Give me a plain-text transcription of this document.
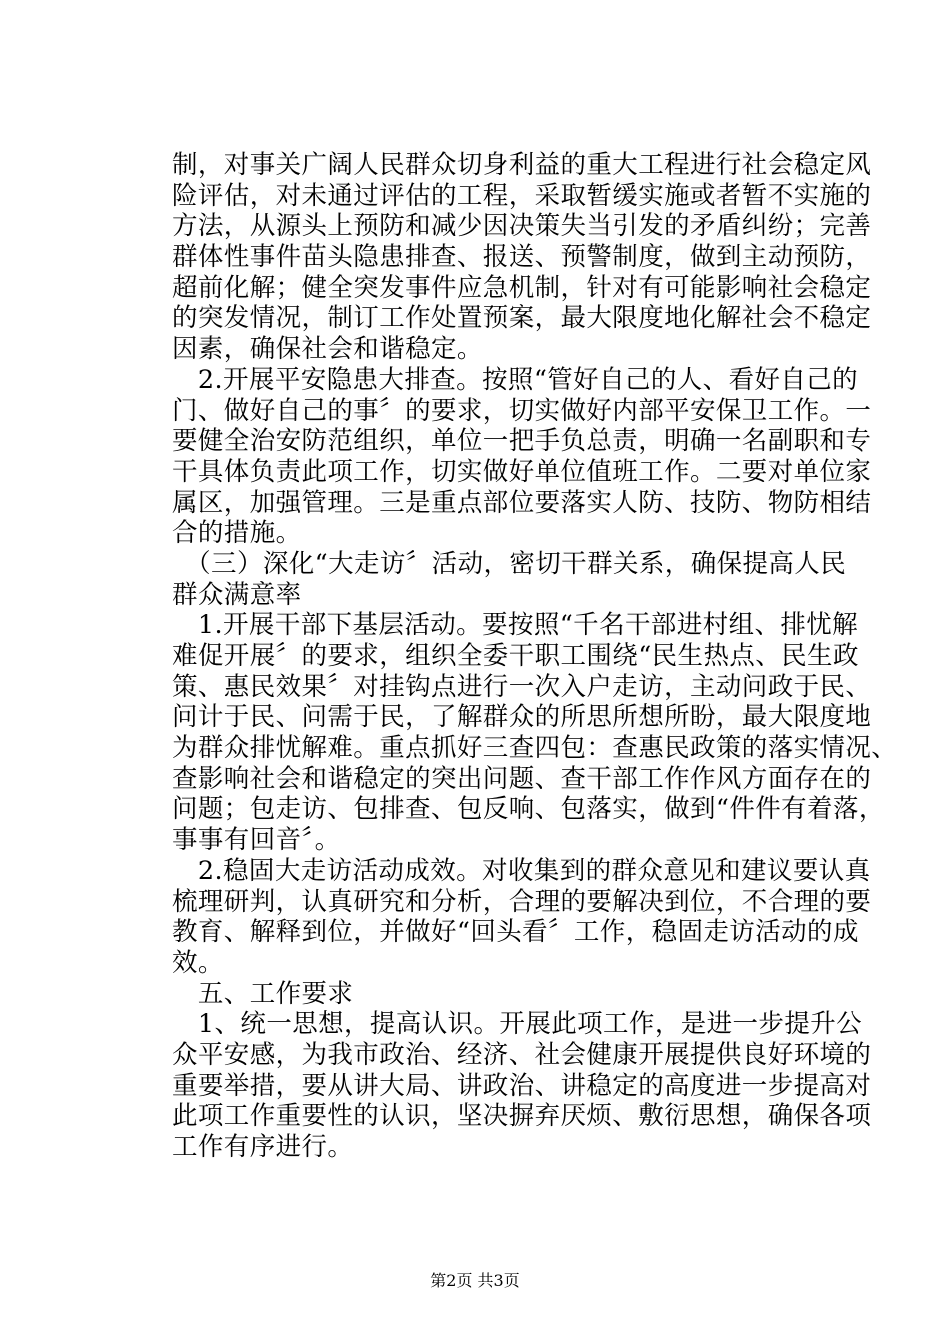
制，对事关广阔人民群众切身利益的重大工程进行社会稳定风
险评估，对未通过评估的工程，采取暂缓实施或者暂不实施的
方法，从源头上预防和减少因决策失当引发的矛盾纠纷；完善
群体性事件苗头隐患排查、报送、预警制度，做到主动预防，
超前化解；健全突发事件应急机制，针对有可能影响社会稳定
的突发情况，制订工作处置预案，最大限度地化解社会不稳定
因素，确保社会和谐稳定。
　2.开展平安隐患大排查。按照“管好自己的人、看好自己的
门、做好自己的事〞的要求，切实做好内部平安保卫工作。一
要健全治安防范组织，单位一把手负总责，明确一名副职和专
干具体负责此项工作，切实做好单位值班工作。二要对单位家
属区，加强管理。三是重点部位要落实人防、技防、物防相结
合的措施。
　（三）深化“大走访〞活动，密切干群关系，确保提高人民
群众满意率
　1.开展干部下基层活动。要按照“千名干部进村组、排忧解
难促开展〞的要求，组织全委干职工围绕“民生热点、民生政
策、惠民效果〞对挂钩点进行一次入户走访，主动问政于民、
问计于民、问需于民，了解群众的所思所想所盼，最大限度地
为群众排忧解难。重点抓好三查四包：查惠民政策的落实情况、
查影响社会和谐稳定的突出问题、查干部工作作风方面存在的
问题；包走访、包排查、包反响、包落实，做到“件件有着落，
事事有回音〞。
　2.稳固大走访活动成效。对收集到的群众意见和建议要认真
梳理研判，认真研究和分析，合理的要解决到位，不合理的要
教育、解释到位，并做好“回头看〞工作，稳固走访活动的成
效。
　五、工作要求
　1、统一思想，提高认识。开展此项工作，是进一步提升公
众平安感，为我市政治、经济、社会健康开展提供良好环境的
重要举措，要从讲大局、讲政治、讲稳定的高度进一步提高对
此项工作重要性的认识，坚决摒弃厌烦、敷衍思想，确保各项
工作有序进行。
第2页 共3页
